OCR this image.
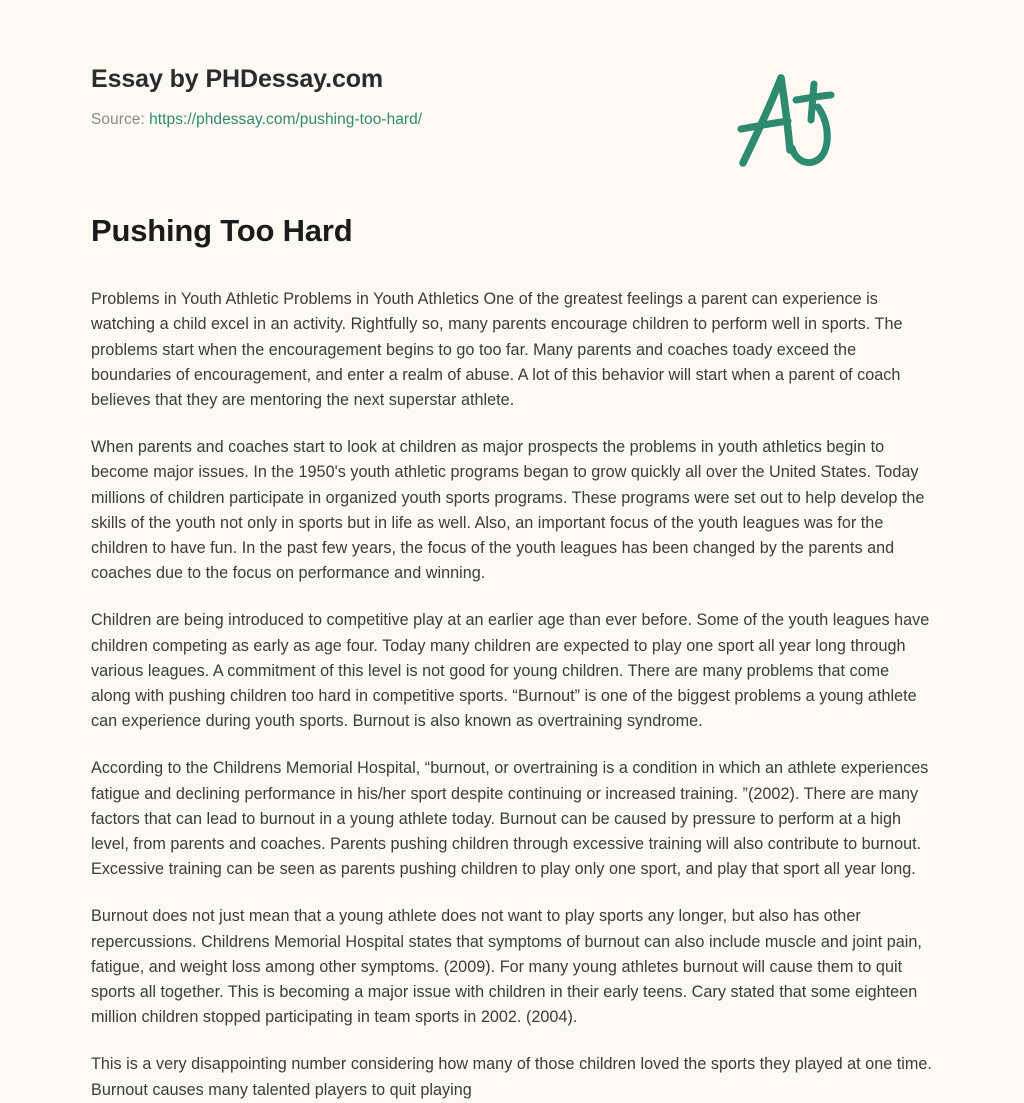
Essay by PHDessay.com
Source: https://phdessay.com/pushing-too-hard/
Pushing Too Hard

Problems in Youth Athletic Problems in Youth Athletics One of the greatest feelings a parent can experience is watching a child excel in an activity. Rightfully so, many parents encourage children to perform well in sports. The problems start when the encouragement begins to go too far. Many parents and coaches toady exceed the boundaries of encouragement, and enter a realm of abuse. A lot of this behavior will start when a parent of coach believes that they are mentoring the next superstar athlete.

When parents and coaches start to look at children as major prospects the problems in youth athletics begin to become major issues. In the 1950's youth athletic programs began to grow quickly all over the United States. Today millions of children participate in organized youth sports programs. These programs were set out to help develop the skills of the youth not only in sports but in life as well. Also, an important focus of the youth leagues was for the children to have fun. In the past few years, the focus of the youth leagues has been changed by the parents and coaches due to the focus on performance and winning.

Children are being introduced to competitive play at an earlier age than ever before. Some of the youth leagues have children competing as early as age four. Today many children are expected to play one sport all year long through various leagues. A commitment of this level is not good for young children. There are many problems that come along with pushing children too hard in competitive sports. “Burnout” is one of the biggest problems a young athlete can experience during youth sports. Burnout is also known as overtraining syndrome.

According to the Childrens Memorial Hospital, “burnout, or overtraining is a condition in which an athlete experiences fatigue and declining performance in his/her sport despite continuing or increased training. ”(2002). There are many factors that can lead to burnout in a young athlete today. Burnout can be caused by pressure to perform at a high level, from parents and coaches. Parents pushing children through excessive training will also contribute to burnout. Excessive training can be seen as parents pushing children to play only one sport, and play that sport all year long.

Burnout does not just mean that a young athlete does not want to play sports any longer, but also has other repercussions. Childrens Memorial Hospital states that symptoms of burnout can also include muscle and joint pain, fatigue, and weight loss among other symptoms. (2009). For many young athletes burnout will cause them to quit sports all together. This is becoming a major issue with children in their early teens. Cary stated that some eighteen million children stopped participating in team sports in 2002. (2004).

This is a very disappointing number considering how many of those children loved the sports they played at one time. Burnout causes many talented players to quit playing
